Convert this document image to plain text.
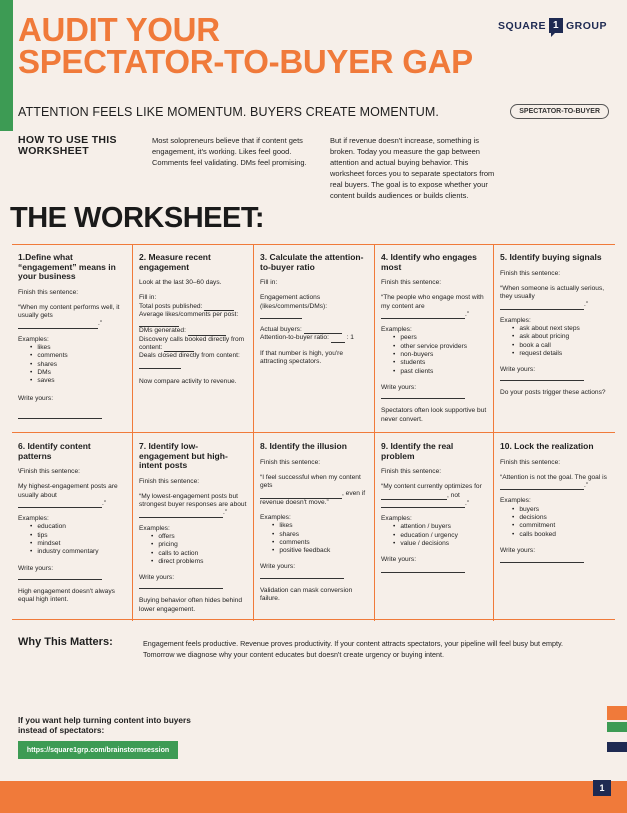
AUDIT YOUR
SPECTATOR-TO-BUYER GAP
SQUARE 1 GROUP
ATTENTION FEELS LIKE MOMENTUM. BUYERS CREATE MOMENTUM.	SPECTATOR-TO-BUYER
HOW TO USE THIS WORKSHEET
Most solopreneurs believe that if content gets engagement, it's working. Likes feel good. Comments feel validating. DMs feel promising.
But if revenue doesn't increase, something is broken. Today you measure the gap between attention and actual buying behavior. This worksheet forces you to separate spectators from real buyers. The goal is to expose whether your content builds audiences or builds clients.
THE WORKSHEET:
1.Define what “engagement” means in your business

Finish this sentence:

“When my content performs well, it usually gets
.”

Examples:

• likes
• comments
• shares
• DMs
• saves

Write yours:

2. Measure recent engagement

Look at the last 30–60 days.

Fill in:

Total posts published:
Average likes/comments per post:
DMs generated:
Discovery calls booked directly from content:
Deals closed directly from content:

Now compare activity to revenue.

3. Calculate the attention-to-buyer ratio

Fill in:

Engagement actions (likes/comments/DMs):

Actual buyers:

Attention-to-buyer ratio:	: 1

If that number is high, you're attracting spectators.

4. Identify who engages most

Finish this sentence:

“The people who engage most with my content are
.”

Examples:

• peers
• other service providers
• non-buyers
• students
• past clients

Write yours:

Spectators often look supportive but never convert.

5. Identify buying signals

Finish this sentence:

“When someone is actually serious, they usually
.”

Examples:

• ask about next steps
• ask about pricing
• book a call
• request details

Write yours:

Do your posts trigger these actions?

6. Identify content patterns

\Finish this sentence:

My highest-engagement posts are usually about
.”

Examples:

• education
• tips
• mindset
• industry commentary

Write yours:

High engagement doesn't always equal high intent.

7. Identify low-engagement but high-intent posts

Finish this sentence:

“My lowest-engagement posts but strongest buyer responses are about
.”

Examples:

• offers
• pricing
• calls to action
• direct problems

Write yours:

Buying behavior often hides behind lower engagement.

8. Identify the illusion

Finish this sentence:

“I feel successful when my content gets
, even if revenue doesn't move.”

Examples:

• likes
• shares
• comments
• positive feedback

Write yours:

Validation can mask conversion failure.

9. Identify the real problem

Finish this sentence:

“My content currently optimizes for
, not
.”

Examples:

• attention / buyers
• education / urgency
• value / decisions

Write yours:

10. Lock the realization

Finish this sentence:

“Attention is not the goal. The goal is
.”

Examples:

• buyers
• decisions
• commitment
• calls booked

Write yours:

Why This Matters:	Engagement feels productive. Revenue proves productivity. If your content attracts spectators, your pipeline will feel busy but empty. Tomorrow we diagnose why your content educates but doesn't create urgency or buying intent.
If you want help turning content into buyers instead of spectators:
https://square1grp.com/brainstormsession
1
